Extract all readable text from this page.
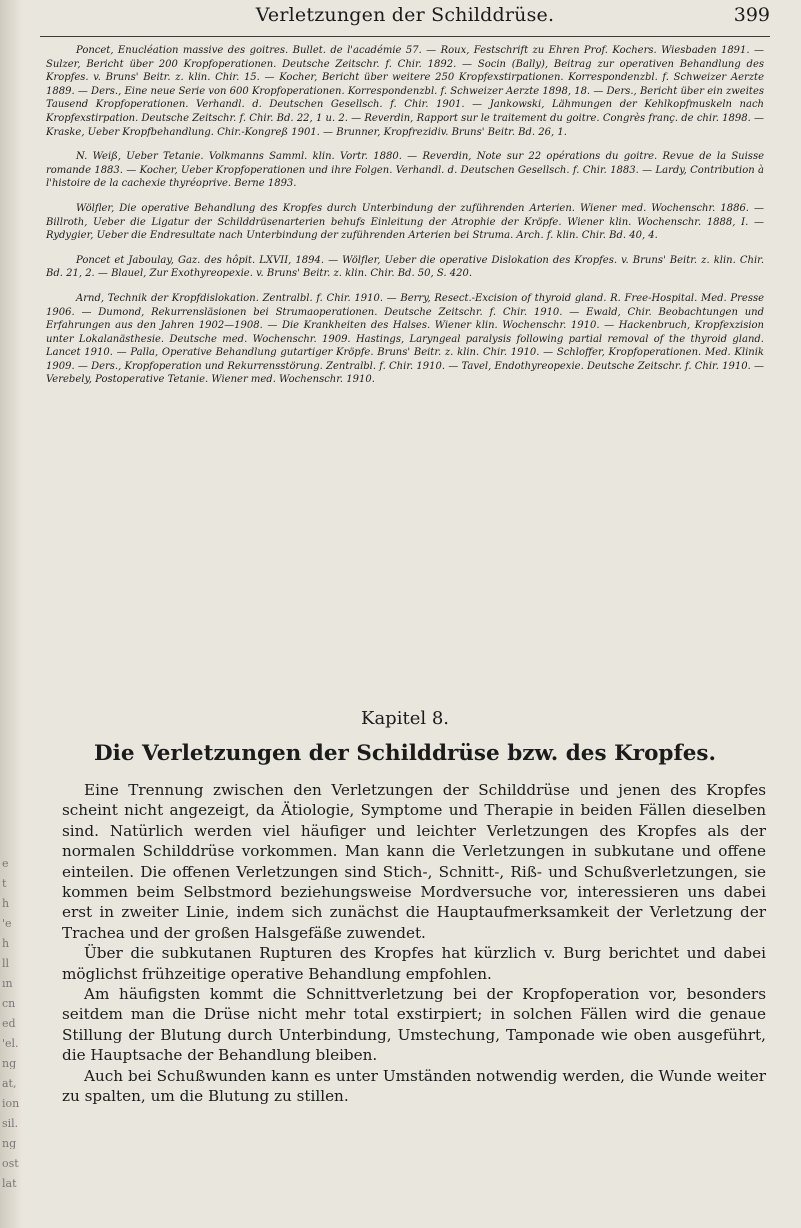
e
t
h
'e
h
ll
ın
cn
ed
'el.
ng
at,
ion
sil.
ng
ost
lat
Verletzungen der Schilddrüse.	399

Poncet, Enucléation massive des goitres. Bullet. de l'académie 57. — Roux, Festschrift zu Ehren Prof. Kochers. Wiesbaden 1891. — Sulzer, Bericht über 200 Kropfoperationen. Deutsche Zeitschr. f. Chir. 1892. — Socin (Bally), Beitrag zur operativen Behandlung des Kropfes. v. Bruns' Beitr. z. klin. Chir. 15. — Kocher, Bericht über weitere 250 Kropfexstirpationen. Korrespondenzbl. f. Schweizer Aerzte 1889. — Ders., Eine neue Serie von 600 Kropfoperationen. Korrespondenzbl. f. Schweizer Aerzte 1898, 18. — Ders., Bericht über ein zweites Tausend Kropfoperationen. Verhandl. d. Deutschen Gesellsch. f. Chir. 1901. — Jankowski, Lähmungen der Kehlkopfmuskeln nach Kropfexstirpation. Deutsche Zeitschr. f. Chir. Bd. 22, 1 u. 2. — Reverdin, Rapport sur le traitement du goitre. Congrès franç. de chir. 1898. — Kraske, Ueber Kropfbehandlung. Chir.-Kongreß 1901. — Brunner, Kropfrezidiv. Bruns' Beitr. Bd. 26, 1.

N. Weiß, Ueber Tetanie. Volkmanns Samml. klin. Vortr. 1880. — Reverdin, Note sur 22 opérations du goitre. Revue de la Suisse romande 1883. — Kocher, Ueber Kropfoperationen und ihre Folgen. Verhandl. d. Deutschen Gesellsch. f. Chir. 1883. — Lardy, Contribution à l'histoire de la cachexie thyréoprive. Berne 1893.

Wölfler, Die operative Behandlung des Kropfes durch Unterbindung der zuführenden Arterien. Wiener med. Wochenschr. 1886. — Billroth, Ueber die Ligatur der Schilddrüsenarterien behufs Einleitung der Atrophie der Kröpfe. Wiener klin. Wochenschr. 1888, I. — Rydygier, Ueber die Endresultate nach Unterbindung der zuführenden Arterien bei Struma. Arch. f. klin. Chir. Bd. 40, 4.

Poncet et Jaboulay, Gaz. des hôpit. LXVII, 1894. — Wölfler, Ueber die operative Dislokation des Kropfes. v. Bruns' Beitr. z. klin. Chir. Bd. 21, 2. — Blauel, Zur Exothyreopexie. v. Bruns' Beitr. z. klin. Chir. Bd. 50, S. 420.

Arnd, Technik der Kropfdislokation. Zentralbl. f. Chir. 1910. — Berry, Resect.-Excision of thyroid gland. R. Free-Hospital. Med. Presse 1906. — Dumond, Rekurrensläsionen bei Strumaoperationen. Deutsche Zeitschr. f. Chir. 1910. — Ewald, Chir. Beobachtungen und Erfahrungen aus den Jahren 1902—1908. — Die Krankheiten des Halses. Wiener klin. Wochenschr. 1910. — Hackenbruch, Kropfexzision unter Lokalanästhesie. Deutsche med. Wochenschr. 1909. Hastings, Laryngeal paralysis following partial removal of the thyroid gland. Lancet 1910. — Palla, Operative Behandlung gutartiger Kröpfe. Bruns' Beitr. z. klin. Chir. 1910. — Schloffer, Kropfoperationen. Med. Klinik 1909. — Ders., Kropfoperation und Rekurrensstörung. Zentralbl. f. Chir. 1910. — Tavel, Endothyreopexie. Deutsche Zeitschr. f. Chir. 1910. — Verebely, Postoperative Tetanie. Wiener med. Wochenschr. 1910.

Kapitel 8.
Die Verletzungen der Schilddrüse bzw. des Kropfes.

Eine Trennung zwischen den Verletzungen der Schilddrüse und jenen des Kropfes scheint nicht angezeigt, da Ätiologie, Symptome und Therapie in beiden Fällen dieselben sind. Natürlich werden viel häufiger und leichter Verletzungen des Kropfes als der normalen Schilddrüse vorkommen. Man kann die Verletzungen in subkutane und offene einteilen. Die offenen Verletzungen sind Stich-, Schnitt-, Riß- und Schußverletzungen, sie kommen beim Selbstmord beziehungsweise Mordversuche vor, interessieren uns dabei erst in zweiter Linie, indem sich zunächst die Hauptaufmerksamkeit der Verletzung der Trachea und der großen Halsgefäße zuwendet.

Über die subkutanen Rupturen des Kropfes hat kürzlich v. Burg berichtet und dabei möglichst frühzeitige operative Behandlung empfohlen.

Am häufigsten kommt die Schnittverletzung bei der Kropfoperation vor, besonders seitdem man die Drüse nicht mehr total exstirpiert; in solchen Fällen wird die genaue Stillung der Blutung durch Unterbindung, Umstechung, Tamponade wie oben ausgeführt, die Hauptsache der Behandlung bleiben.

Auch bei Schußwunden kann es unter Umständen notwendig werden, die Wunde weiter zu spalten, um die Blutung zu stillen.
